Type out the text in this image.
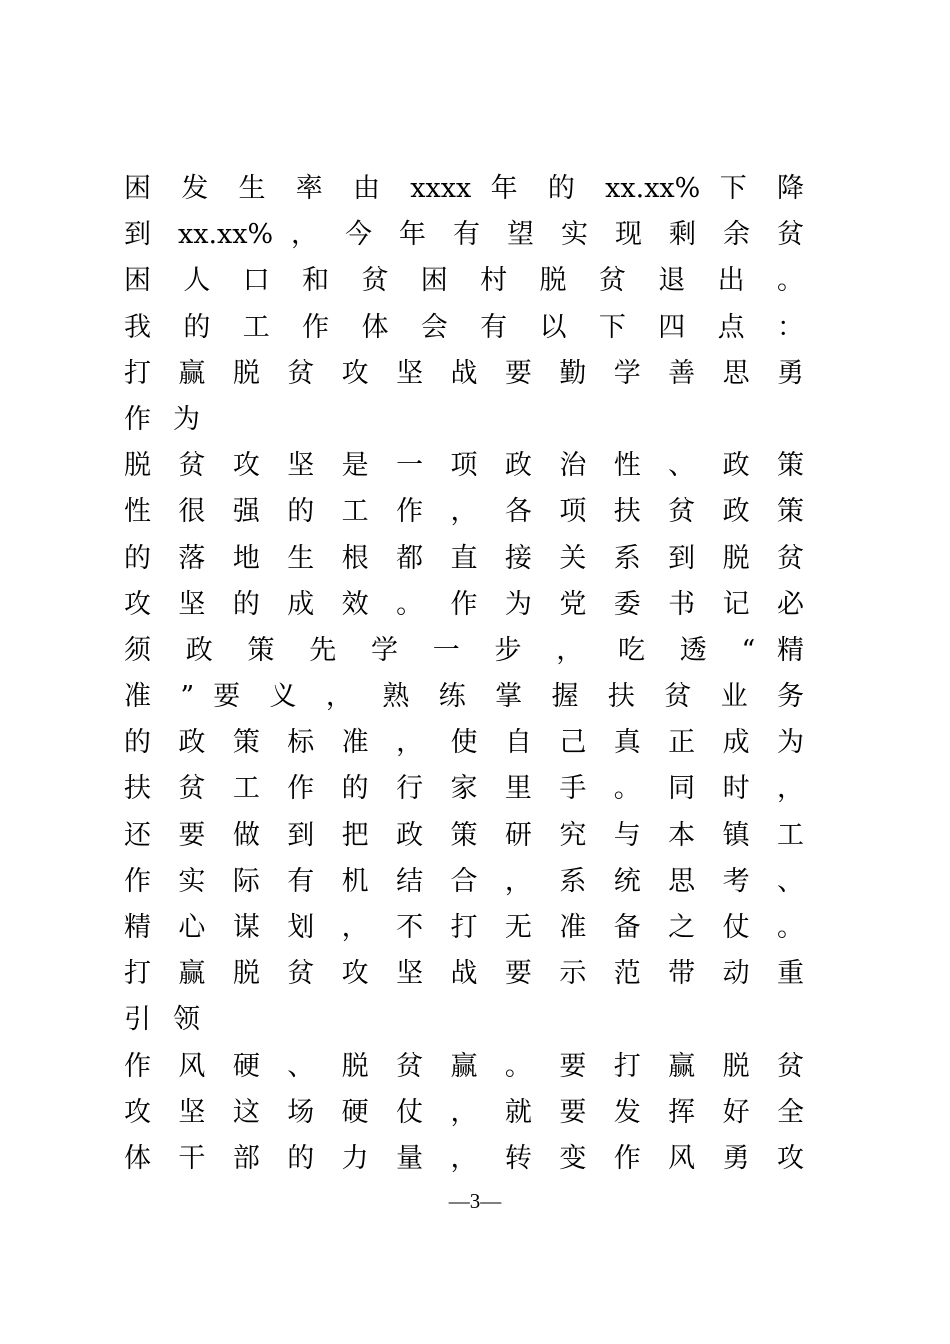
困 发 生 率 由 xxxx 年 的 xx.xx% 下 降
到 xx.xx% ， 今 年 有 望 实 现 剩 余 贫
困 人 口 和 贫 困 村 脱 贫 退 出 。
我 的 工 作 体 会 有 以 下 四 点 ：
打 赢 脱 贫 攻 坚 战 要 勤 学 善 思 勇
作为
脱 贫 攻 坚 是 一 项 政 治 性 、 政 策
性 很 强 的 工 作 ， 各 项 扶 贫 政 策
的 落 地 生 根 都 直 接 关 系 到 脱 贫
攻 坚 的 成 效 。 作 为 党 委 书 记 必
须 政 策 先 学 一 步 ， 吃 透 “ 精
准 ” 要 义 ， 熟 练 掌 握 扶 贫 业 务
的 政 策 标 准 ， 使 自 己 真 正 成 为
扶 贫 工 作 的 行 家 里 手 。 同 时 ，
还 要 做 到 把 政 策 研 究 与 本 镇 工
作 实 际 有 机 结 合 ， 系 统 思 考 、
精 心 谋 划 ， 不 打 无 准 备 之 仗 。
打 赢 脱 贫 攻 坚 战 要 示 范 带 动 重
引领
作 风 硬 、 脱 贫 赢 。 要 打 赢 脱 贫
攻 坚 这 场 硬 仗 ， 就 要 发 挥 好 全
体 干 部 的 力 量 ， 转 变 作 风 勇 攻
—3—
